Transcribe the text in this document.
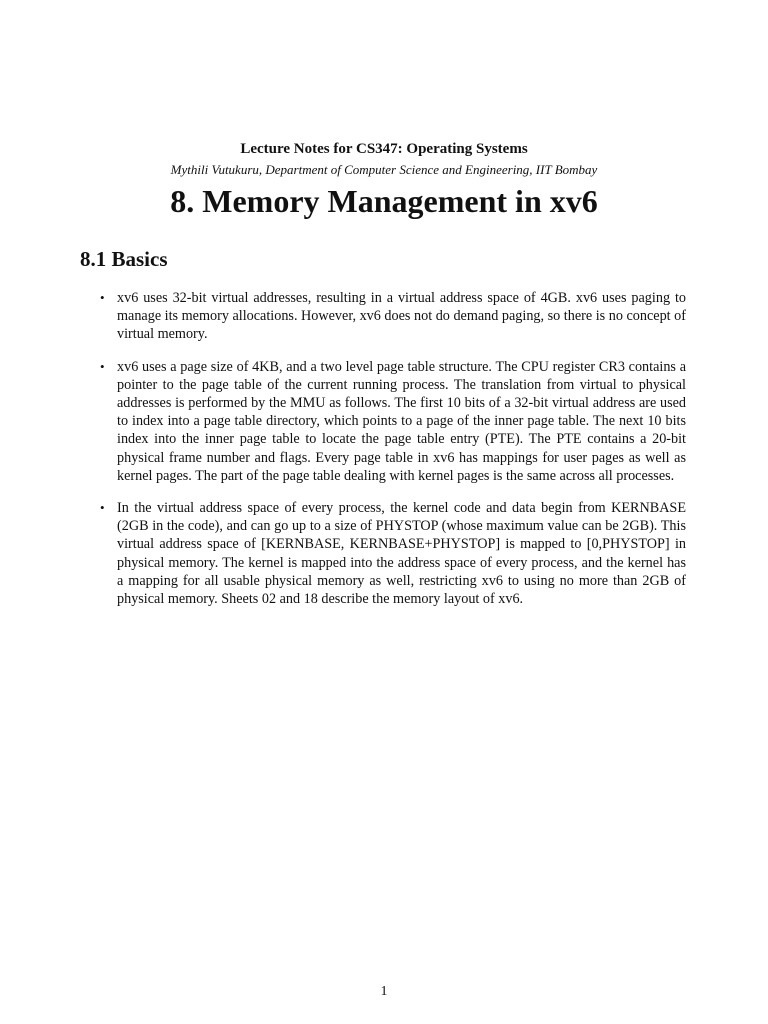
Lecture Notes for CS347: Operating Systems
Mythili Vutukuru, Department of Computer Science and Engineering, IIT Bombay
8. Memory Management in xv6
8.1 Basics
• xv6 uses 32-bit virtual addresses, resulting in a virtual address space of 4GB. xv6 uses paging to manage its memory allocations. However, xv6 does not do demand paging, so there is no concept of virtual memory.
• xv6 uses a page size of 4KB, and a two level page table structure. The CPU register CR3 contains a pointer to the page table of the current running process. The translation from virtual to physical addresses is performed by the MMU as follows. The first 10 bits of a 32-bit virtual address are used to index into a page table directory, which points to a page of the inner page table. The next 10 bits index into the inner page table to locate the page table entry (PTE). The PTE contains a 20-bit physical frame number and flags. Every page table in xv6 has mappings for user pages as well as kernel pages. The part of the page table dealing with kernel pages is the same across all processes.
• In the virtual address space of every process, the kernel code and data begin from KERNBASE (2GB in the code), and can go up to a size of PHYSTOP (whose maximum value can be 2GB). This virtual address space of [KERNBASE, KERNBASE+PHYSTOP] is mapped to [0,PHYSTOP] in physical memory. The kernel is mapped into the address space of every process, and the kernel has a mapping for all usable physical memory as well, restricting xv6 to using no more than 2GB of physical memory. Sheets 02 and 18 describe the memory layout of xv6.
1
